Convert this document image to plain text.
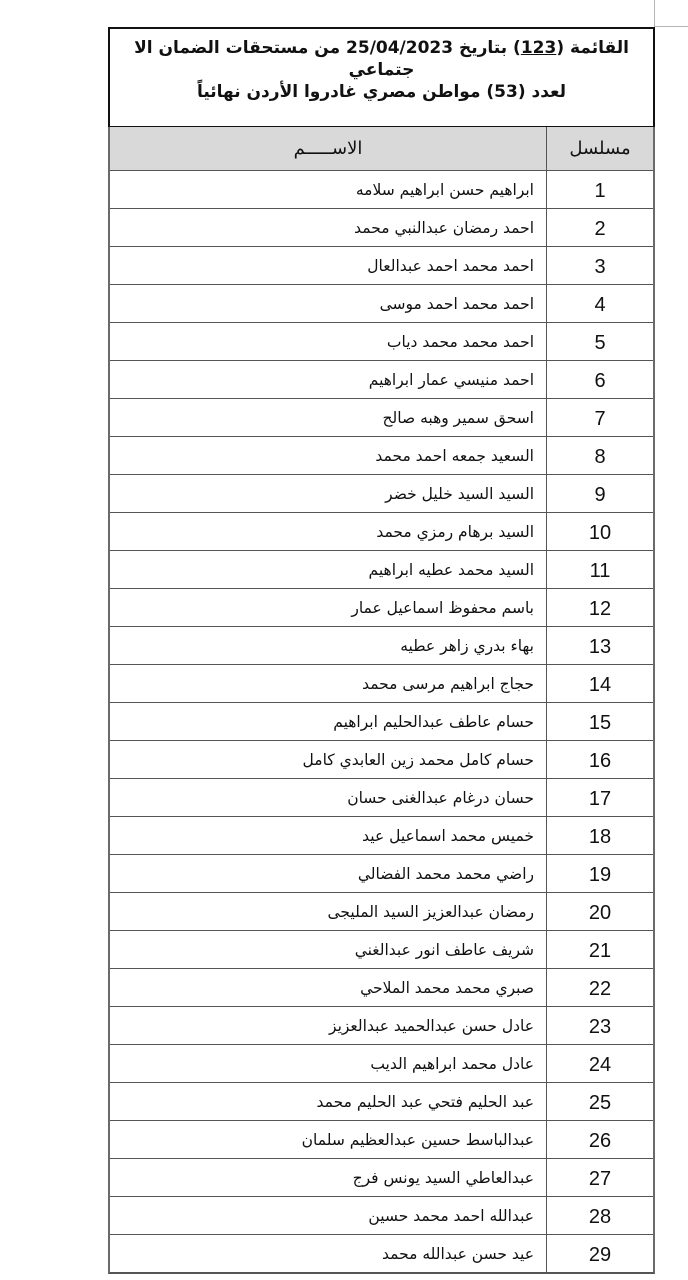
القائمة (123) بتاريخ 25/04/2023 من مستحقات الضمان الا
جتماعي
لعدد (53) مواطن مصري غادروا الأردن نهائياً
مسلسل
الاســـــم
1
ابراهيم حسن ابراهيم سلامه
2
احمد رمضان عبدالنبي محمد
3
احمد محمد احمد عبدالعال
4
احمد محمد احمد موسى
5
احمد محمد محمد دياب
6
احمد منيسي عمار ابراهيم
7
اسحق سمير وهبه صالح
8
السعيد جمعه احمد محمد
9
السيد السيد خليل خضر
10
السيد برهام رمزي محمد
11
السيد محمد عطيه ابراهيم
12
باسم محفوظ اسماعيل عمار
13
بهاء بدري زاهر عطيه
14
حجاج ابراهيم مرسى محمد
15
حسام عاطف عبدالحليم ابراهيم
16
حسام كامل محمد زين العابدي كامل
17
حسان درغام عبدالغنى حسان
18
خميس محمد اسماعيل عيد
19
راضي محمد محمد الفضالي
20
رمضان عبدالعزيز السيد المليجى
21
شريف عاطف انور عبدالغني
22
صبري محمد محمد الملاحي
23
عادل حسن عبدالحميد عبدالعزيز
24
عادل محمد ابراهيم الديب
25
عبد الحليم فتحي عبد الحليم محمد
26
عبدالباسط حسين عبدالعظيم سلمان
27
عبدالعاطي السيد يونس فرج
28
عبدالله احمد محمد حسين
29
عيد حسن عبدالله محمد
